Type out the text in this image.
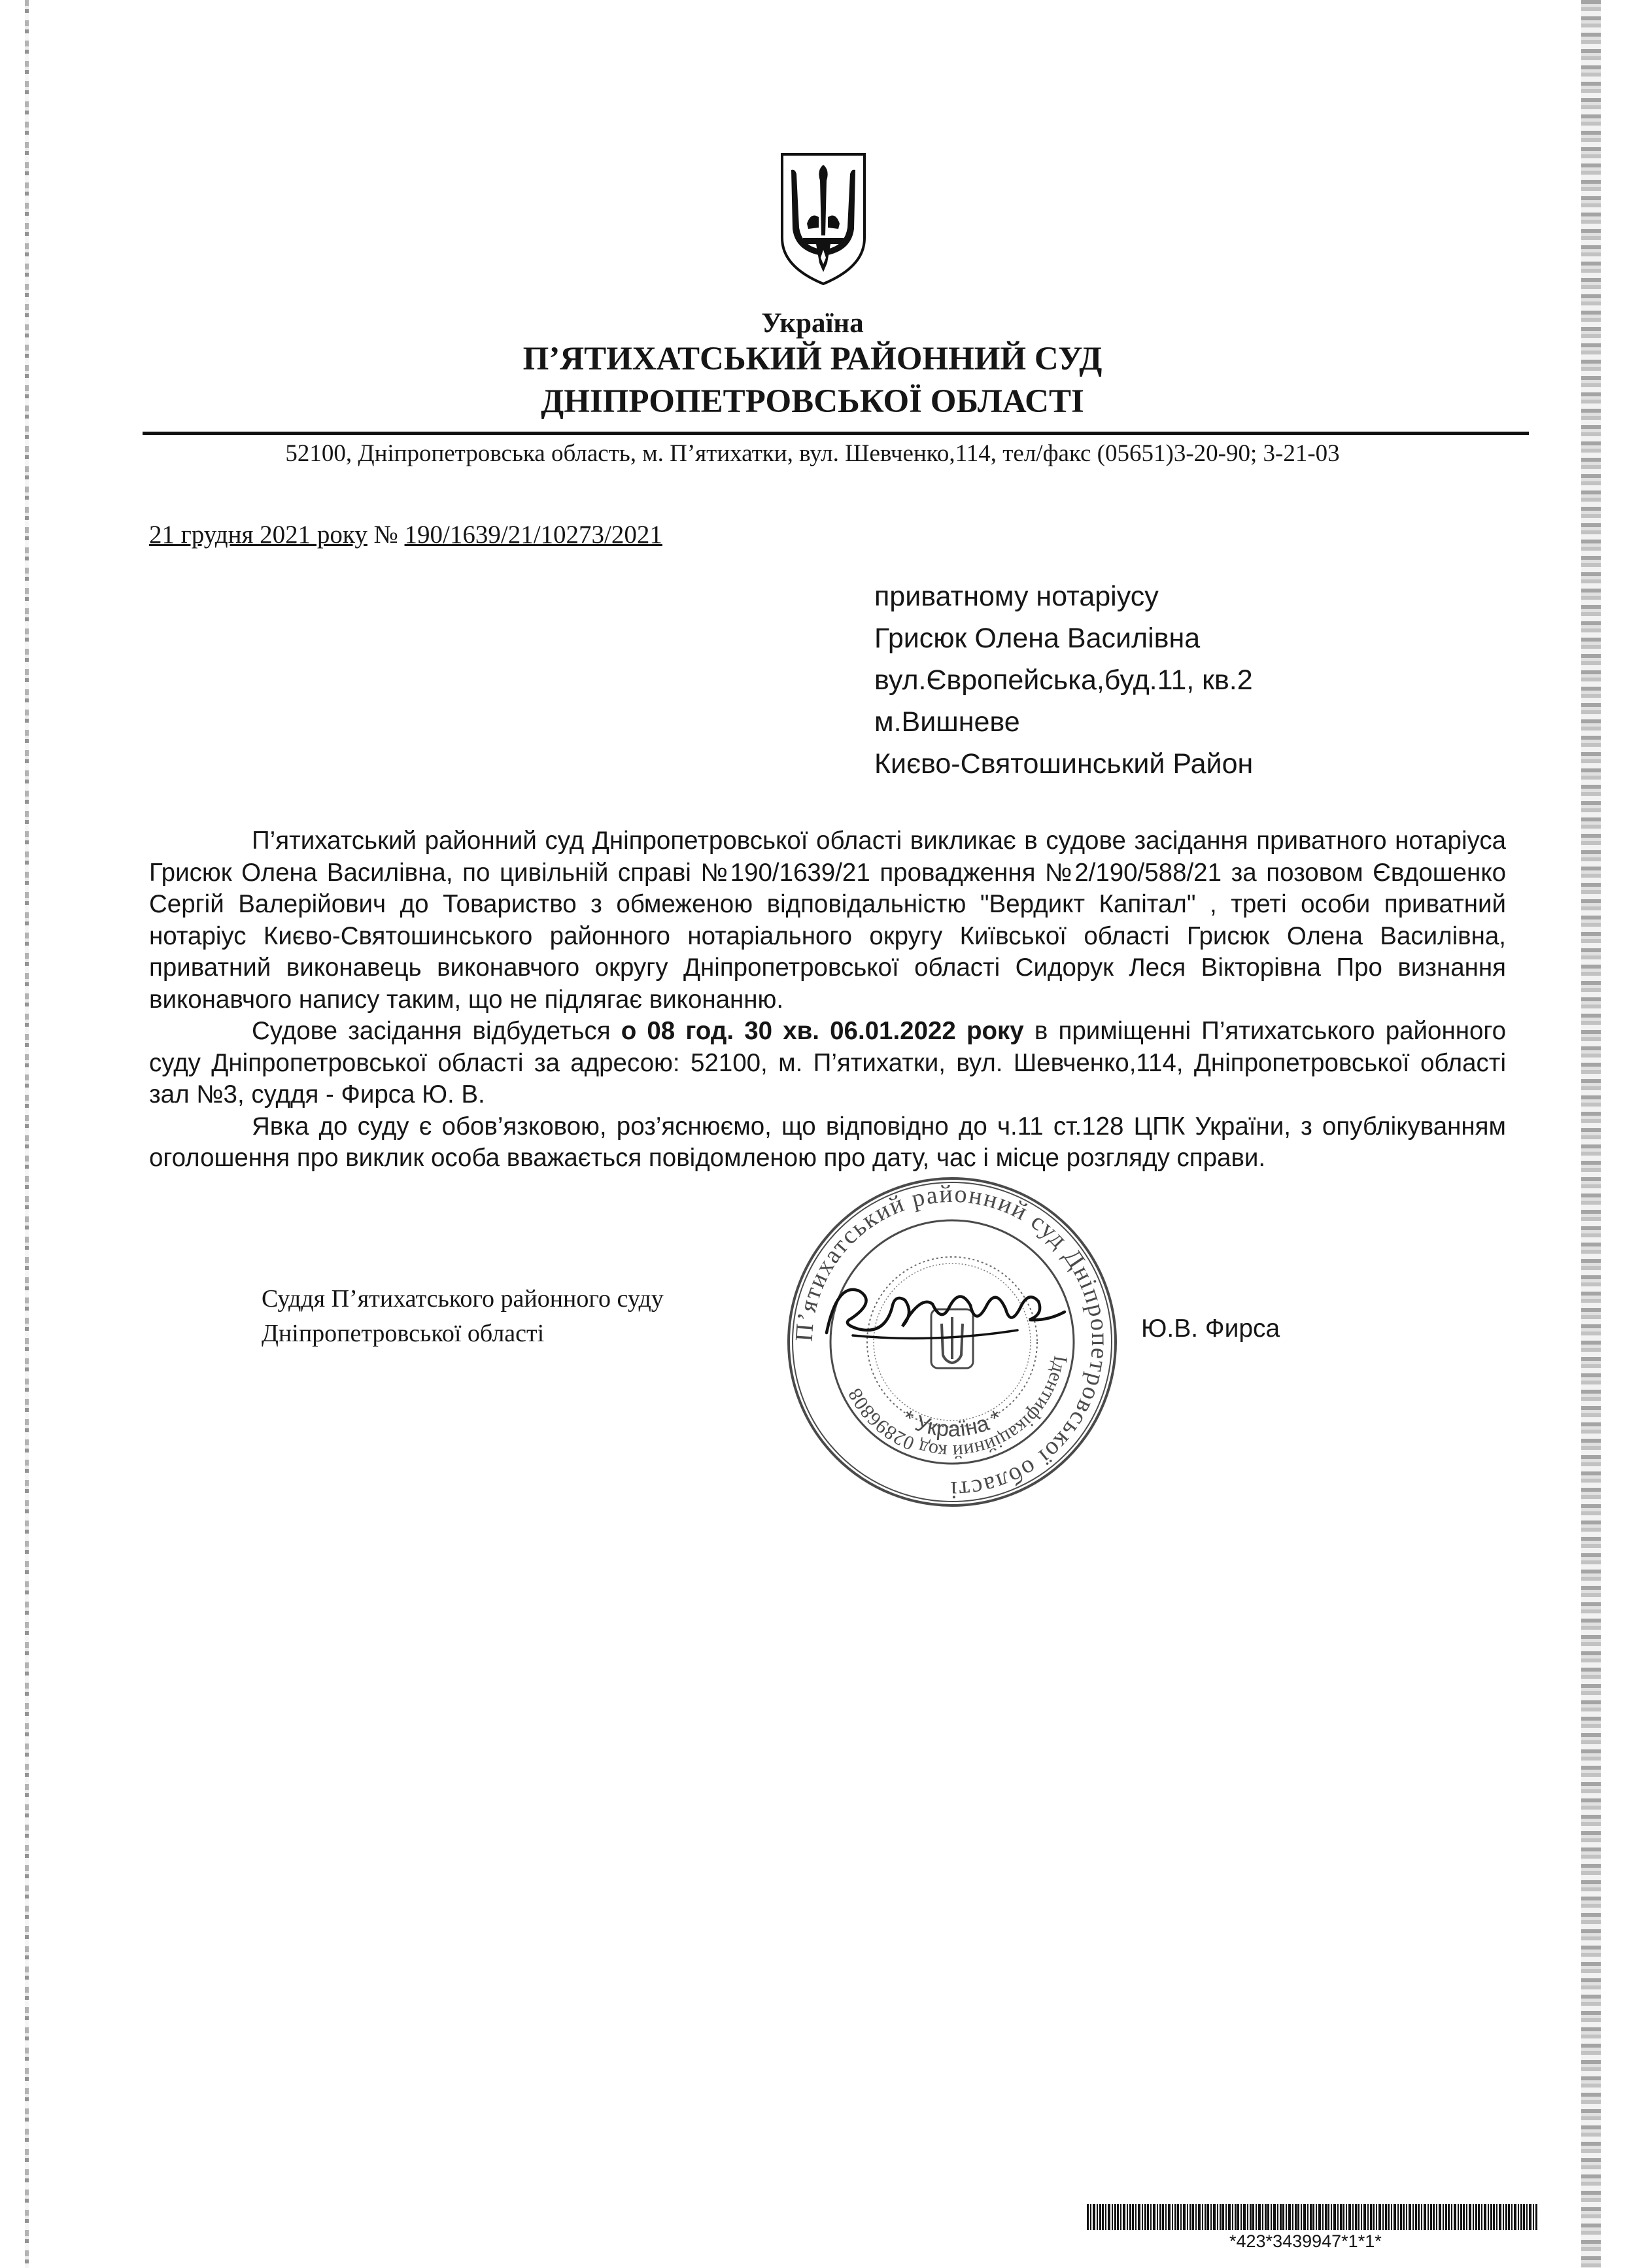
Україна
П’ЯТИХАТСЬКИЙ РАЙОННИЙ СУД
ДНІПРОПЕТРОВСЬКОЇ ОБЛАСТІ

52100, Дніпропетровська область, м. П’ятихатки, вул. Шевченко,114, тел/факс (05651)3-20-90; 3-21-03

21 грудня 2021 року № 190/1639/21/10273/2021

приватному нотаріусу
Грисюк Олена Василівна
вул.Європейська,буд.11, кв.2
м.Вишневе
Києво-Святошинський Район

П’ятихатський районний суд Дніпропетровської області викликає в судове засідання приватного нотаріуса Грисюк Олена Василівна, по цивільній справі №190/1639/21 провадження №2/190/588/21 за позовом Євдошенко Сергій Валерійович до Товариство з обмеженою відповідальністю "Вердикт Капітал" , треті особи приватний нотаріус Києво-Святошинського районного нотаріального округу Київської області Грисюк Олена Василівна, приватний виконавець виконавчого округу Дніпропетровської області Сидорук Леся Вікторівна Про визнання виконавчого напису таким, що не підлягає виконанню.

Судове засідання відбудеться о 08 год. 30 хв. 06.01.2022 року в приміщенні П’ятихатського районного суду Дніпропетровської області за адресою: 52100, м. П’ятихатки, вул. Шевченко,114, Дніпропетровської області зал №3, суддя - Фирса Ю. В.

Явка до суду є обов’язковою, роз’яснюємо, що відповідно до ч.11 ст.128 ЦПК України, з опублікуванням оголошення про виклик особа вважається повідомленою про дату, час і місце розгляду справи.

Суддя П’ятихатського районного суду
Дніпропетровської області	Ю.В. Фирса

П’ятихатський районний суд Дніпропетровської області
Ідентифікаційний код 02896808
* Україна *

*423*3439947*1*1*
